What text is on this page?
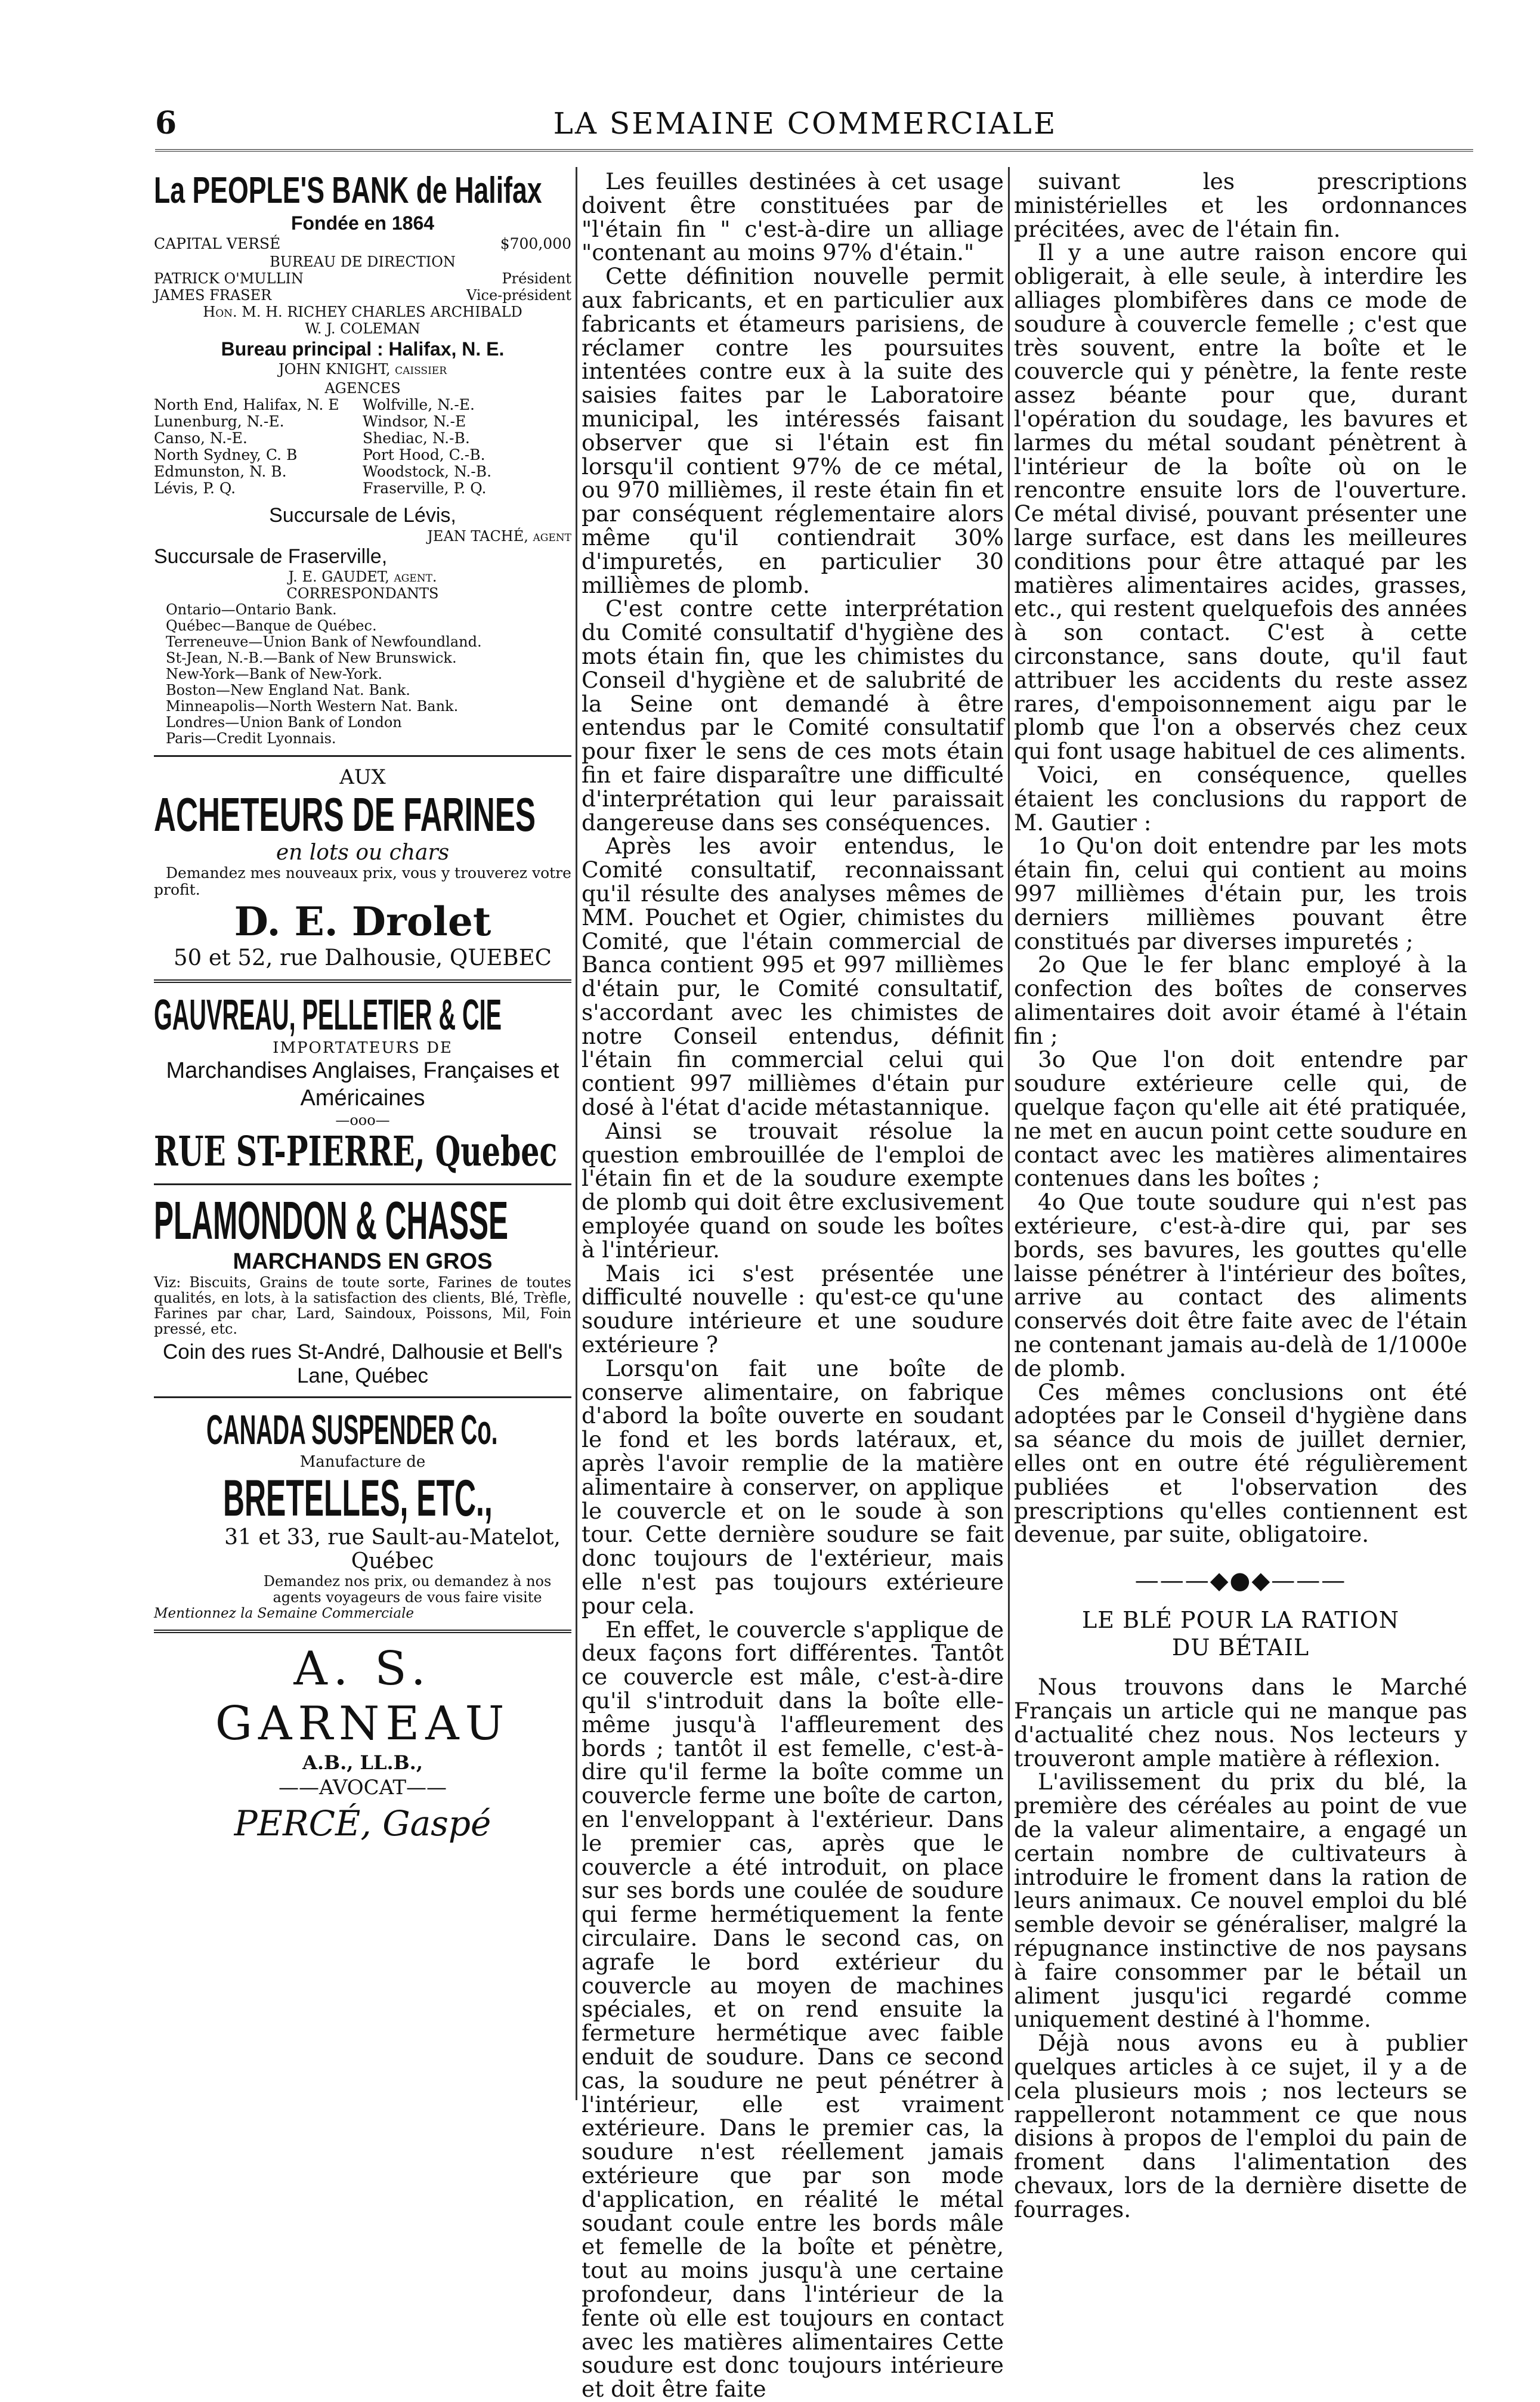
6	LA SEMAINE COMMERCIALE
La PEOPLE'S BANK de Halifax
Fondée en 1864
CAPITAL VERSÉ	$700,000
BUREAU DE DIRECTION
PATRICK O'MULLIN	Président
JAMES FRASER	Vice-président
Hon. M. H. RICHEY CHARLES ARCHIBALD
W. J. COLEMAN
Bureau principal : Halifax, N. E.
JOHN KNIGHT, caissier
AGENCES
North End, Halifax, N. E	Wolfville, N.-E.
Lunenburg, N.-E.	Windsor, N.-E
Canso, N.-E.	Shediac, N.-B.
North Sydney, C. B	Port Hood, C.-B.
Edmunston, N. B.	Woodstock, N.-B.
Lévis, P. Q.	Fraserville, P. Q.
Succursale de Lévis,
JEAN TACHÉ, agent
Succursale de Fraserville,
J. E. GAUDET, agent.
CORRESPONDANTS
Ontario—Ontario Bank.
Québec—Banque de Québec.
Terreneuve—Union Bank of Newfoundland.
St-Jean, N.-B.—Bank of New Brunswick.
New-York—Bank of New-York.
Boston—New England Nat. Bank.
Minneapolis—North Western Nat. Bank.
Londres—Union Bank of London
Paris—Credit Lyonnais.
AUX
ACHETEURS DE FARINES
en lots ou chars
Demandez mes nouveaux prix, vous y trouverez votre profit.
D. E. Drolet
50 et 52, rue Dalhousie, QUEBEC
GAUVREAU, PELLETIER & CIE
IMPORTATEURS DE
Marchandises Anglaises, Françaises et Américaines
—ooo—
RUE ST-PIERRE, Quebec
PLAMONDON & CHASSE
MARCHANDS EN GROS
Viz: Biscuits, Grains de toute sorte, Farines de toutes qualités, en lots, à la satisfaction des clients, Blé, Trèfle, Farines par char, Lard, Saindoux, Poissons, Mil, Foin pressé, etc.
Coin des rues St-André, Dalhousie et Bell's Lane, Québec
CANADA SUSPENDER Co.
Manufacture de
BRETELLES, ETC.,
31 et 33, rue Sault-au-Matelot, Québec
Demandez nos prix, ou demandez à nos agents voyageurs de vous faire visite
Mentionnez la Semaine Commerciale
A. S. GARNEAU
A.B., LL.B.,
——AVOCAT——
PERCÉ, Gaspé

Les feuilles destinées à cet usage doivent être constituées par de "l'étain fin " c'est-à-dire un alliage "contenant au moins 97% d'étain."

Cette définition nouvelle permit aux fabricants, et en particulier aux fabricants et étameurs parisiens, de réclamer contre les poursuites intentées contre eux à la suite des saisies faites par le Laboratoire municipal, les intéressés faisant observer que si l'étain est fin lorsqu'il contient 97% de ce métal, ou 970 millièmes, il reste étain fin et par conséquent réglementaire alors même qu'il contiendrait 30% d'impuretés, en particulier 30 millièmes de plomb.

C'est contre cette interprétation du Comité consultatif d'hygiène des mots étain fin, que les chimistes du Conseil d'hygiène et de salubrité de la Seine ont demandé à être entendus par le Comité consultatif pour fixer le sens de ces mots étain fin et faire disparaître une difficulté d'interprétation qui leur paraissait dangereuse dans ses conséquences.

Après les avoir entendus, le Comité consultatif, reconnaissant qu'il résulte des analyses mêmes de MM. Pouchet et Ogier, chimistes du Comité, que l'étain commercial de Banca contient 995 et 997 millièmes d'étain pur, le Comité consultatif, s'accordant avec les chimistes de notre Conseil entendus, définit l'étain fin commercial celui qui contient 997 millièmes d'étain pur dosé à l'état d'acide métastannique.

Ainsi se trouvait résolue la question embrouillée de l'emploi de l'étain fin et de la soudure exempte de plomb qui doit être exclusivement employée quand on soude les boîtes à l'intérieur.

Mais ici s'est présentée une difficulté nouvelle : qu'est-ce qu'une soudure intérieure et une soudure extérieure ?

Lorsqu'on fait une boîte de conserve alimentaire, on fabrique d'abord la boîte ouverte en soudant le fond et les bords latéraux, et, après l'avoir remplie de la matière alimentaire à conserver, on applique le couvercle et on le soude à son tour. Cette dernière soudure se fait donc toujours de l'extérieur, mais elle n'est pas toujours extérieure pour cela.

En effet, le couvercle s'applique de deux façons fort différentes. Tantôt ce couvercle est mâle, c'est-à-dire qu'il s'introduit dans la boîte elle-même jusqu'à l'affleurement des bords ; tantôt il est femelle, c'est-à-dire qu'il ferme la boîte comme un couvercle ferme une boîte de carton, en l'enveloppant à l'extérieur. Dans le premier cas, après que le couvercle a été introduit, on place sur ses bords une coulée de soudure qui ferme hermétiquement la fente circulaire. Dans le second cas, on agrafe le bord extérieur du couvercle au moyen de machines spéciales, et on rend ensuite la fermeture hermétique avec faible enduit de soudure. Dans ce second cas, la soudure ne peut pénétrer à l'intérieur, elle est vraiment extérieure. Dans le premier cas, la soudure n'est réellement jamais extérieure que par son mode d'application, en réalité le métal soudant coule entre les bords mâle et femelle de la boîte et pénètre, tout au moins jusqu'à une certaine profondeur, dans l'intérieur de la fente où elle est toujours en contact avec les matières alimentaires Cette soudure est donc toujours intérieure et doit être faite

suivant les prescriptions ministérielles et les ordonnances précitées, avec de l'étain fin.

Il y a une autre raison encore qui obligerait, à elle seule, à interdire les alliages plombifères dans ce mode de soudure à couvercle femelle ; c'est que très souvent, entre la boîte et le couvercle qui y pénètre, la fente reste assez béante pour que, durant l'opération du soudage, les bavures et larmes du métal soudant pénètrent à l'intérieur de la boîte où on le rencontre ensuite lors de l'ouverture. Ce métal divisé, pouvant présenter une large surface, est dans les meilleures conditions pour être attaqué par les matières alimentaires acides, grasses, etc., qui restent quelquefois des années à son contact. C'est à cette circonstance, sans doute, qu'il faut attribuer les accidents du reste assez rares, d'empoisonnement aigu par le plomb que l'on a observés chez ceux qui font usage habituel de ces aliments.

Voici, en conséquence, quelles étaient les conclusions du rapport de M. Gautier :

1o Qu'on doit entendre par les mots étain fin, celui qui contient au moins 997 millièmes d'étain pur, les trois derniers millièmes pouvant être constitués par diverses impuretés ;

2o Que le fer blanc employé à la confection des boîtes de conserves alimentaires doit avoir étamé à l'étain fin ;

3o Que l'on doit entendre par soudure extérieure celle qui, de quelque façon qu'elle ait été pratiquée, ne met en aucun point cette soudure en contact avec les matières alimentaires contenues dans les boîtes ;

4o Que toute soudure qui n'est pas extérieure, c'est-à-dire qui, par ses bords, ses bavures, les gouttes qu'elle laisse pénétrer à l'intérieur des boîtes, arrive au contact des aliments conservés doit être faite avec de l'étain ne contenant jamais au-delà de 1/1000e de plomb.

Ces mêmes conclusions ont été adoptées par le Conseil d'hygiène dans sa séance du mois de juillet dernier, elles ont en outre été régulièrement publiées et l'observation des prescriptions qu'elles contiennent est devenue, par suite, obligatoire.

———◆●◆———
LE BLÉ POUR LA RATION
DU BÉTAIL

Nous trouvons dans le Marché Français un article qui ne manque pas d'actualité chez nous. Nos lecteurs y trouveront ample matière à réflexion.

L'avilissement du prix du blé, la première des céréales au point de vue de la valeur alimentaire, a engagé un certain nombre de cultivateurs à introduire le froment dans la ration de leurs animaux. Ce nouvel emploi du blé semble devoir se généraliser, malgré la répugnance instinctive de nos paysans à faire consommer par le bétail un aliment jusqu'ici regardé comme uniquement destiné à l'homme.

Déjà nous avons eu à publier quelques articles à ce sujet, il y a de cela plusieurs mois ; nos lecteurs se rappelleront notamment ce que nous disions à propos de l'emploi du pain de froment dans l'alimentation des chevaux, lors de la dernière disette de fourrages.
